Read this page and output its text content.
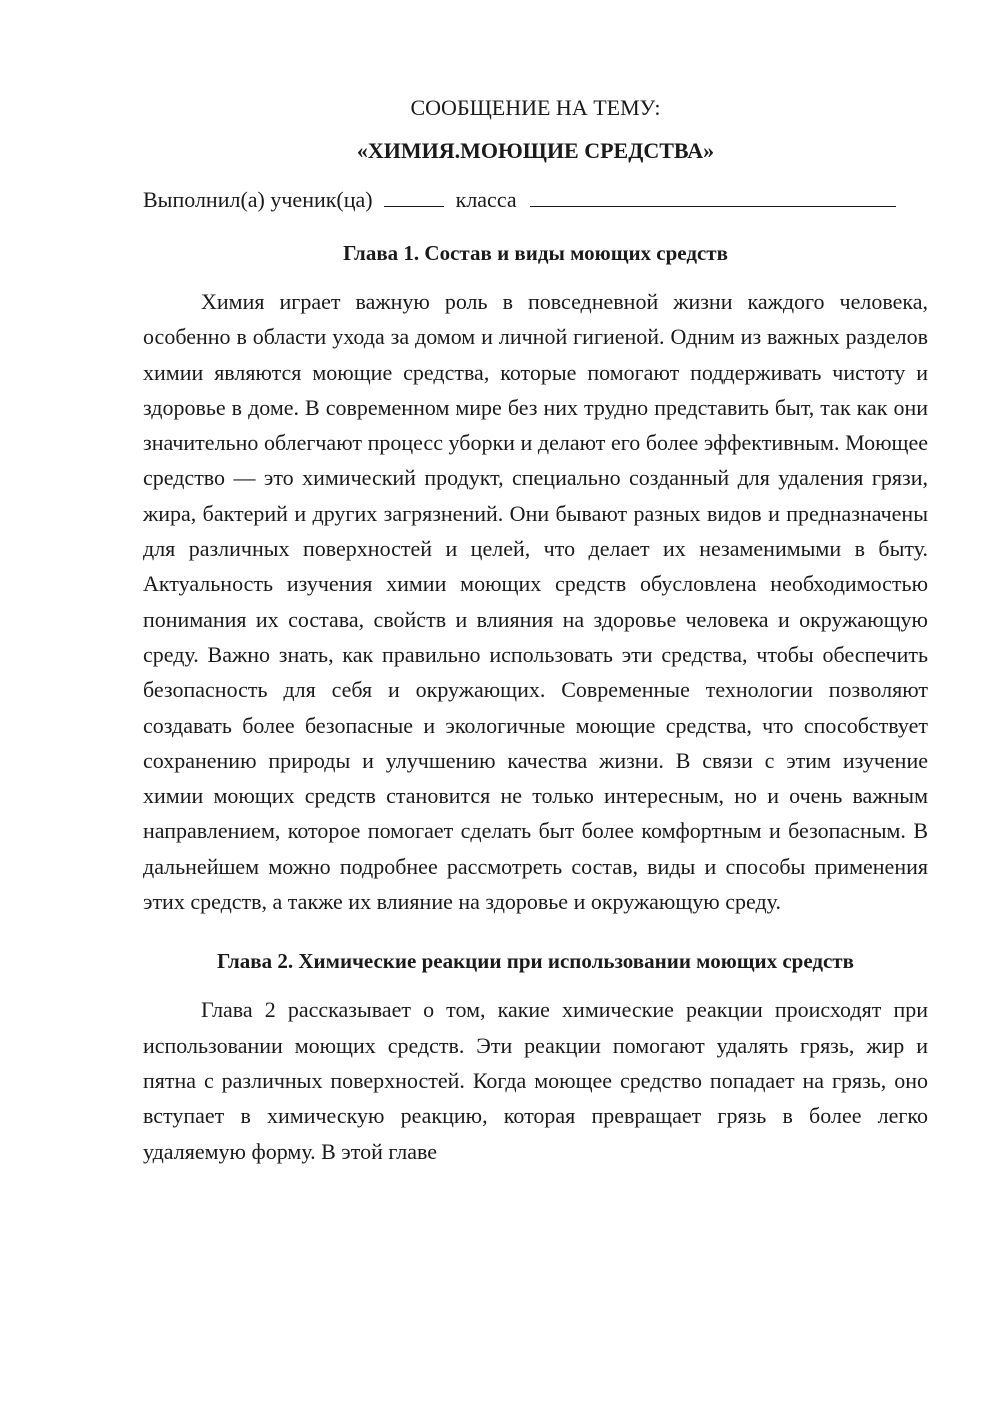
СООБЩЕНИЕ НА ТЕМУ:

«ХИМИЯ.МОЮЩИЕ СРЕДСТВА»

Выполнил(а) ученик(ца)	класса

Глава 1. Состав и виды моющих средств

Химия играет важную роль в повседневной жизни каждого человека, особенно в области ухода за домом и личной гигиеной. Одним из важных разделов химии являются моющие средства, которые помогают поддерживать чистоту и здоровье в доме. В современном мире без них трудно представить быт, так как они значительно облегчают процесс уборки и делают его более эффективным. Моющее средство — это химический продукт, специально созданный для удаления грязи, жира, бактерий и других загрязнений. Они бывают разных видов и предназначены для различных поверхностей и целей, что делает их незаменимыми в быту. Актуальность изучения химии моющих средств обусловлена необходимостью понимания их состава, свойств и влияния на здоровье человека и окружающую среду. Важно знать, как правильно использовать эти средства, чтобы обеспечить безопасность для себя и окружающих. Современные технологии позволяют создавать более безопасные и экологичные моющие средства, что способствует сохранению природы и улучшению качества жизни. В связи с этим изучение химии моющих средств становится не только интересным, но и очень важным направлением, которое помогает сделать быт более комфортным и безопасным. В дальнейшем можно подробнее рассмотреть состав, виды и способы применения этих средств, а также их влияние на здоровье и окружающую среду.

Глава 2. Химические реакции при использовании моющих средств

Глава 2 рассказывает о том, какие химические реакции происходят при использовании моющих средств. Эти реакции помогают удалять грязь, жир и пятна с различных поверхностей. Когда моющее средство попадает на грязь, оно вступает в химическую реакцию, которая превращает грязь в более легко удаляемую форму. В этой главе
